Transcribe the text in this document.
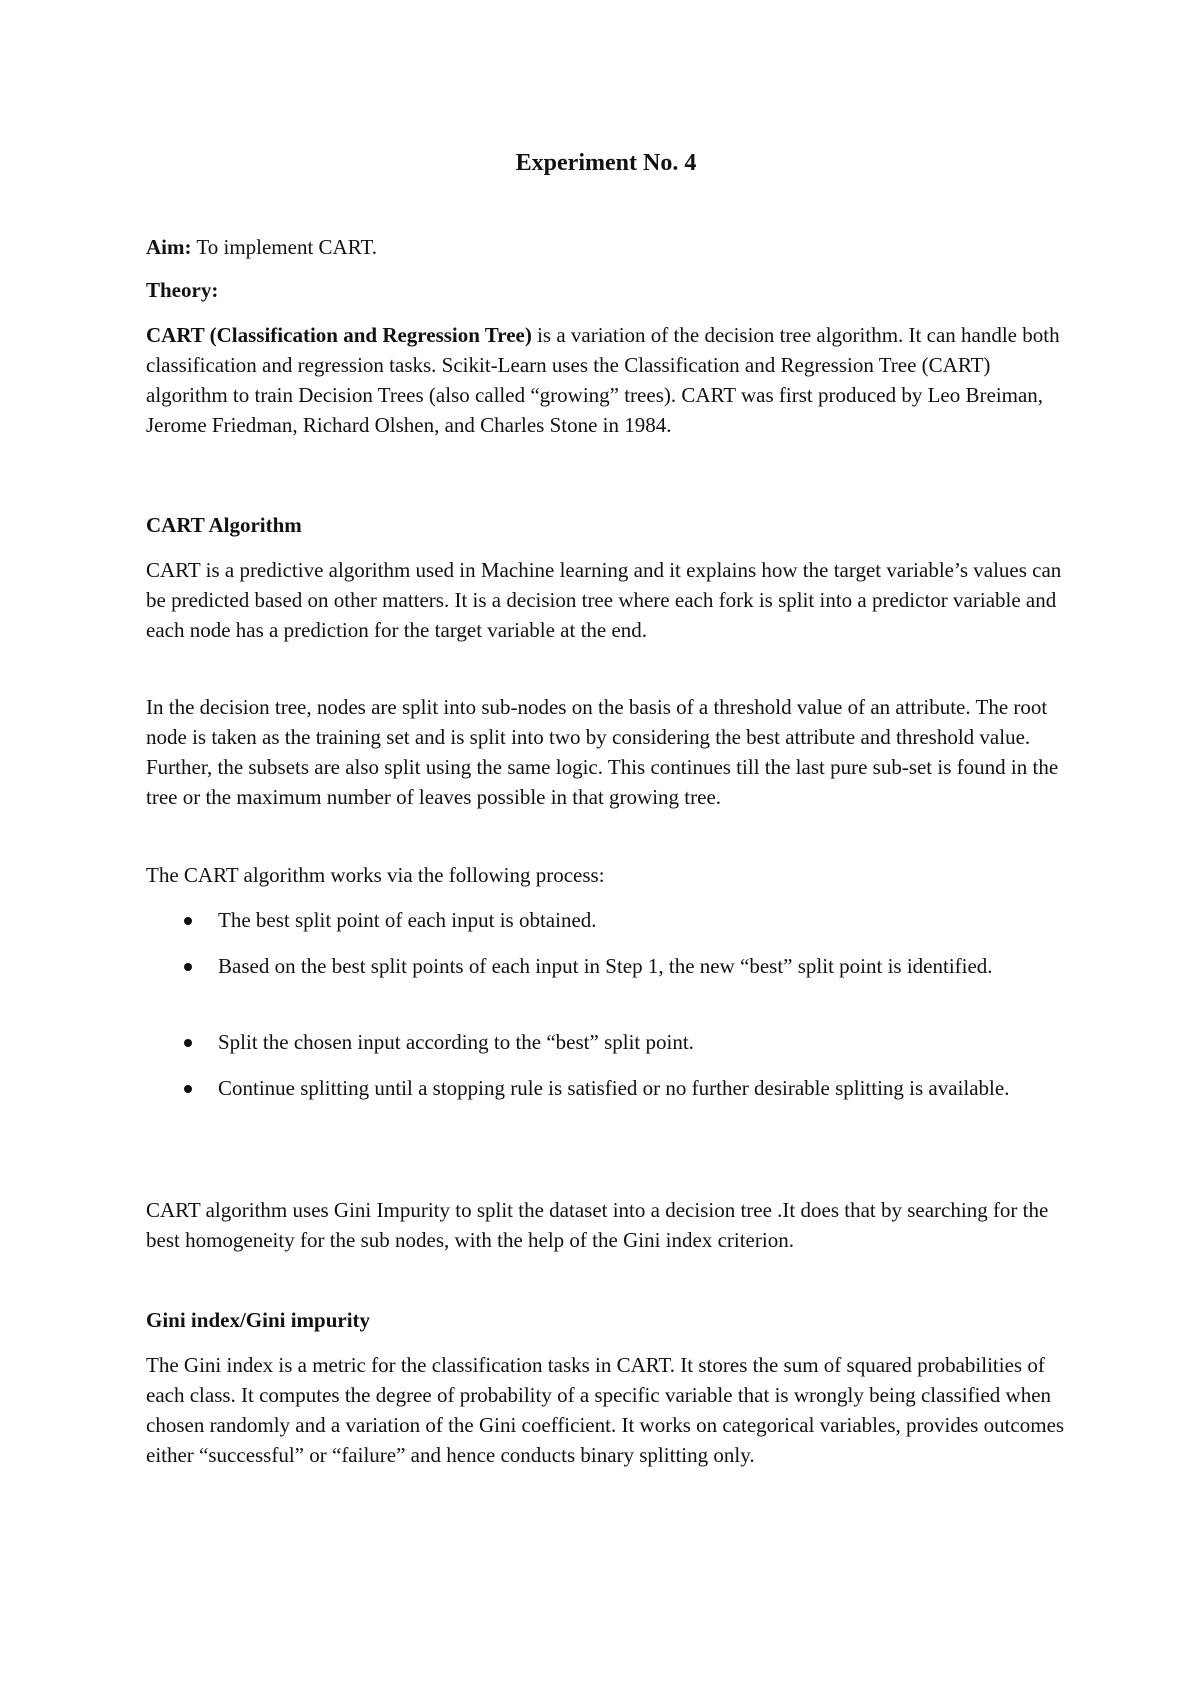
Experiment No. 4

Aim: To implement CART.

Theory:

CART (Classification and Regression Tree) is a variation of the decision tree algorithm. It can handle both classification and regression tasks. Scikit-Learn uses the Classification and Regression Tree (CART) algorithm to train Decision Trees (also called “growing” trees). CART was first produced by Leo Breiman, Jerome Friedman, Richard Olshen, and Charles Stone in 1984.

CART Algorithm

CART is a predictive algorithm used in Machine learning and it explains how the target variable’s values can be predicted based on other matters. It is a decision tree where each fork is split into a predictor variable and each node has a prediction for the target variable at the end.

In the decision tree, nodes are split into sub-nodes on the basis of a threshold value of an attribute. The root node is taken as the training set and is split into two by considering the best attribute and threshold value. Further, the subsets are also split using the same logic. This continues till the last pure sub-set is found in the tree or the maximum number of leaves possible in that growing tree.

The CART algorithm works via the following process:

The best split point of each input is obtained.
Based on the best split points of each input in Step 1, the new “best” split point is identified.
Split the chosen input according to the “best” split point.
Continue splitting until a stopping rule is satisfied or no further desirable splitting is available.

CART algorithm uses Gini Impurity to split the dataset into a decision tree .It does that by searching for the best homogeneity for the sub nodes, with the help of the Gini index criterion.

Gini index/Gini impurity

The Gini index is a metric for the classification tasks in CART. It stores the sum of squared probabilities of each class. It computes the degree of probability of a specific variable that is wrongly being classified when chosen randomly and a variation of the Gini coefficient. It works on categorical variables, provides outcomes either “successful” or “failure” and hence conducts binary splitting only.
